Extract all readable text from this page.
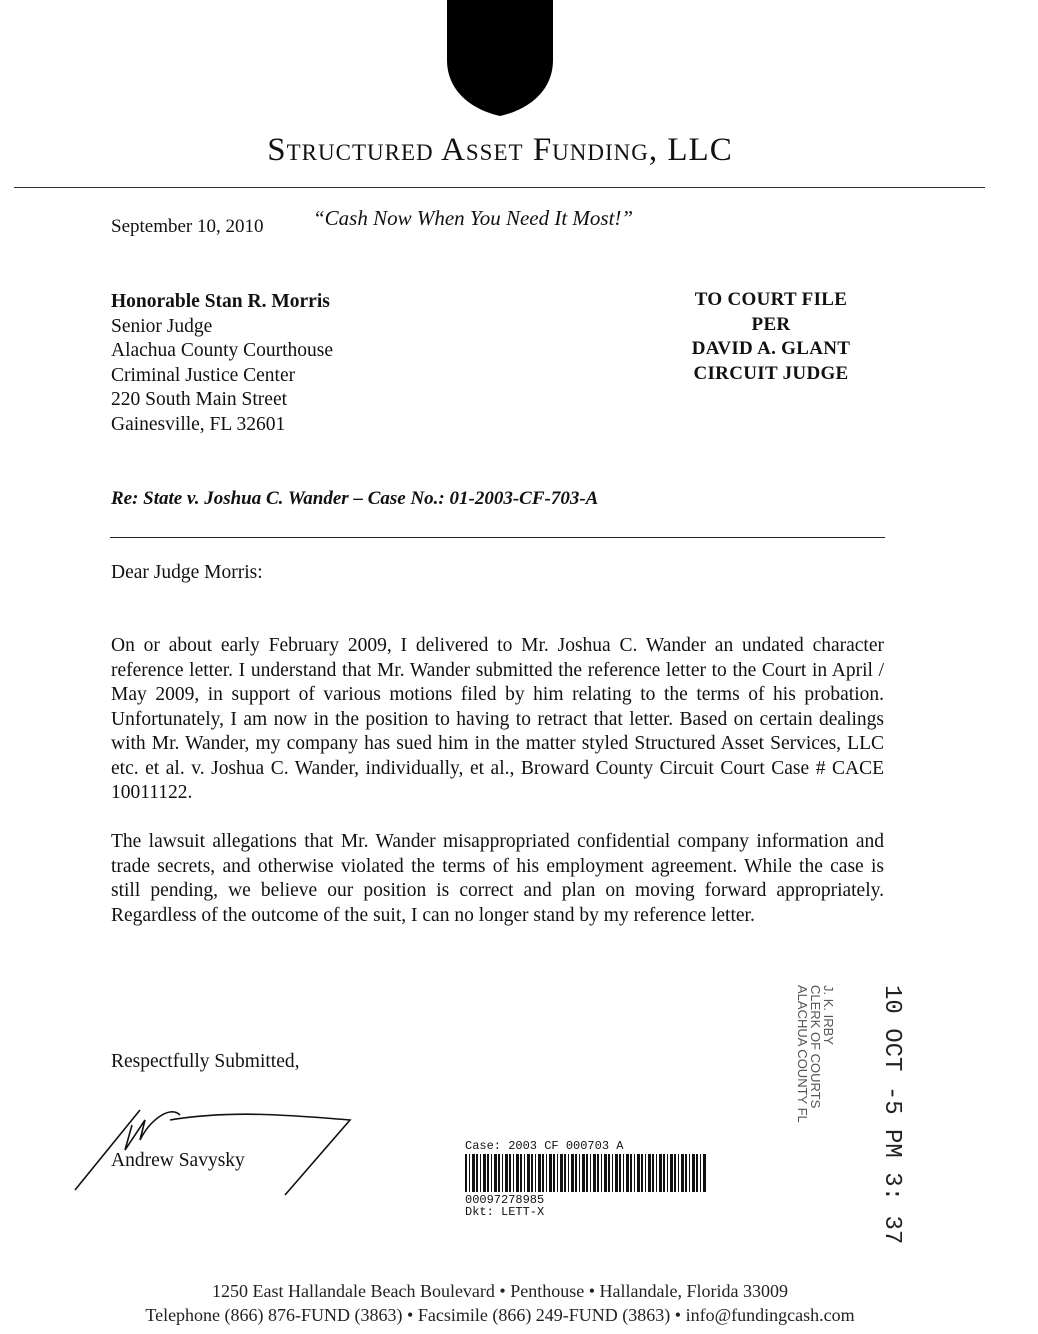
Structured Asset Funding, LLC
September 10, 2010 “Cash Now When You Need It Most!”
Honorable Stan R. Morris
Senior Judge
Alachua County Courthouse
Criminal Justice Center
220 South Main Street
Gainesville, FL 32601
TO COURT FILE
PER
DAVID A. GLANT
CIRCUIT JUDGE
Re: State v. Joshua C. Wander – Case No.: 01-2003-CF-703-A
Dear Judge Morris:
On or about early February 2009, I delivered to Mr. Joshua C. Wander an undated character reference letter. I understand that Mr. Wander submitted the reference letter to the Court in April / May 2009, in support of various motions filed by him relating to the terms of his probation. Unfortunately, I am now in the position to having to retract that letter. Based on certain dealings with Mr. Wander, my company has sued him in the matter styled Structured Asset Services, LLC etc. et al. v. Joshua C. Wander, individually, et al., Broward County Circuit Court Case # CACE 10011122.
The lawsuit allegations that Mr. Wander misappropriated confidential company information and trade secrets, and otherwise violated the terms of his employment agreement. While the case is still pending, we believe our position is correct and plan on moving forward appropriately. Regardless of the outcome of the suit, I can no longer stand by my reference letter.
10 OCT -5 PM 3: 37
J. K. IRBY
CLERK OF COURTS
ALACHUA COUNTY FL
Respectfully Submitted,
Andrew Savysky
Case: 2003 CF 000703 A
00097278985
Dkt: LETT-X
1250 East Hallandale Beach Boulevard • Penthouse • Hallandale, Florida 33009
Telephone (866) 876-FUND (3863) • Facsimile (866) 249-FUND (3863) • info@fundingcash.com
